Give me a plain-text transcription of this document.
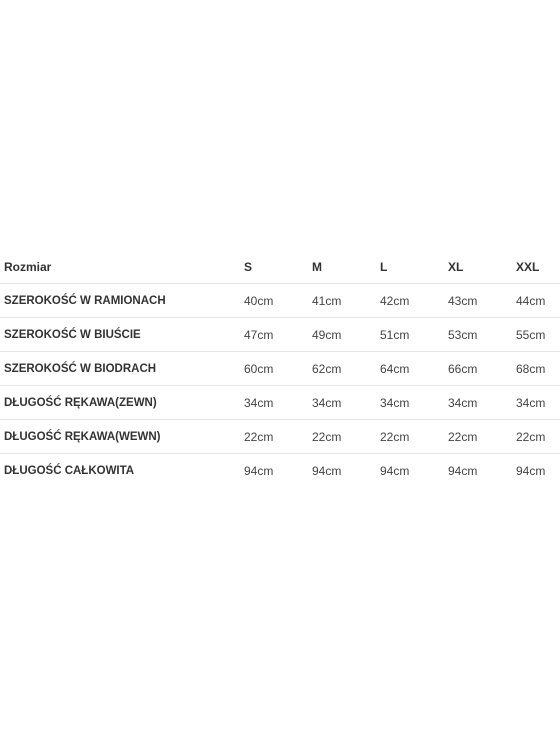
Rozmiar	S	M	L	XL	XXL
SZEROKOŚĆ W RAMIONACH	40cm	41cm	42cm	43cm	44cm
SZEROKOŚĆ W BIUŚCIE	47cm	49cm	51cm	53cm	55cm
SZEROKOŚĆ W BIODRACH	60cm	62cm	64cm	66cm	68cm
DŁUGOŚĆ RĘKAWA(ZEWN)	34cm	34cm	34cm	34cm	34cm
DŁUGOŚĆ RĘKAWA(WEWN)	22cm	22cm	22cm	22cm	22cm
DŁUGOŚĆ CAŁKOWITA	94cm	94cm	94cm	94cm	94cm
